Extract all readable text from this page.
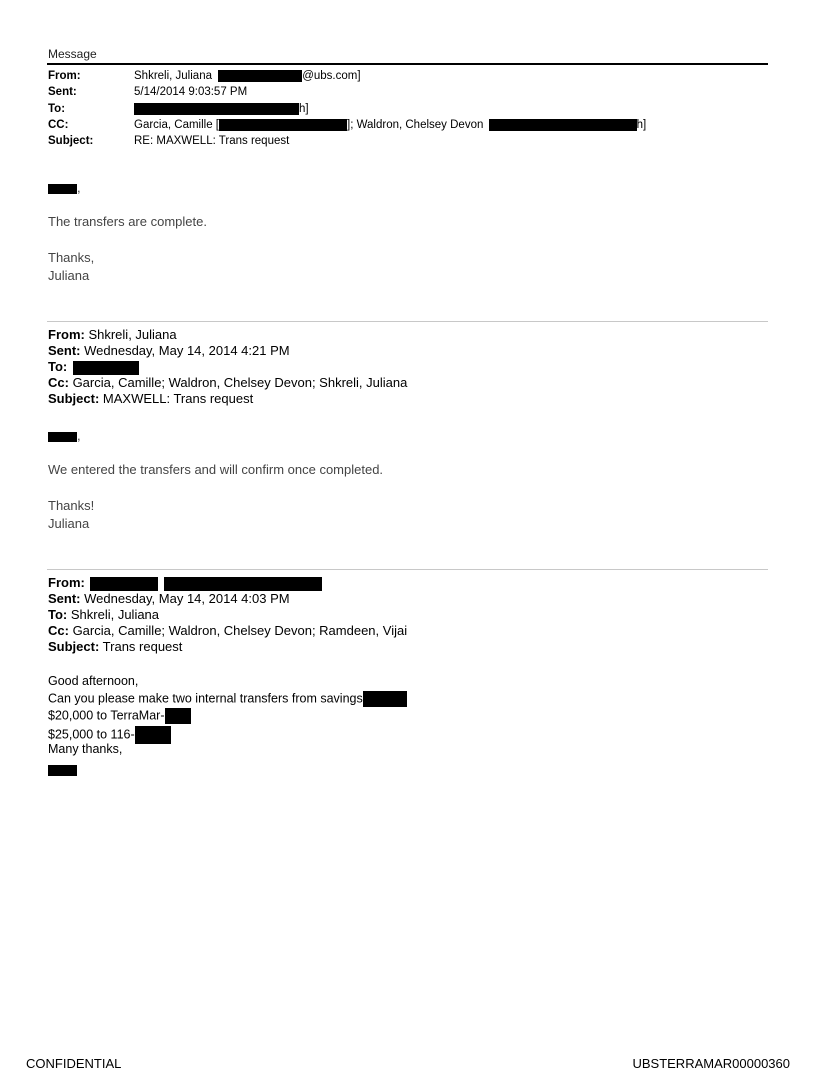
Message
From:	Shkreli, Juliana	@ubs.com]
Sent:	5/14/2014 9:03:57 PM
To:	h]
CC:	Garcia, Camille [	]; Waldron, Chelsey Devon	h]
Subject:	RE: MAXWELL: Trans request
,
The transfers are complete.
Thanks,
Juliana
From: Shkreli, Juliana
Sent: Wednesday, May 14, 2014 4:21 PM
To:
Cc: Garcia, Camille; Waldron, Chelsey Devon; Shkreli, Juliana
Subject: MAXWELL: Trans request
,
We entered the transfers and will confirm once completed.
Thanks!
Juliana
From:
Sent: Wednesday, May 14, 2014 4:03 PM
To: Shkreli, Juliana
Cc: Garcia, Camille; Waldron, Chelsey Devon; Ramdeen, Vijai
Subject: Trans request
Good afternoon,
Can you please make two internal transfers from savings
$20,000 to TerraMar-
$25,000 to 116-
Many thanks,
CONFIDENTIAL	UBSTERRAMAR00000360
